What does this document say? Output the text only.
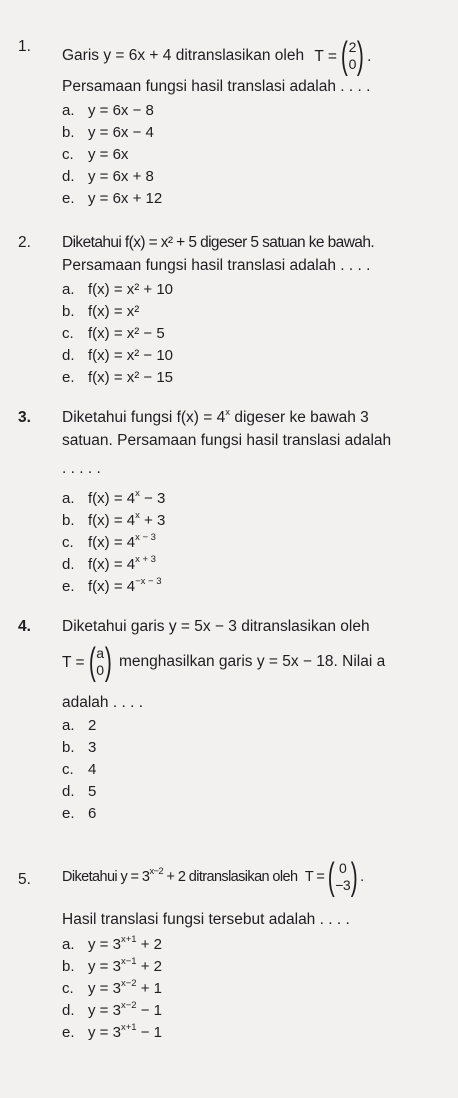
1.
Garis y = 6x + 4 ditranslasikan oleh T = ( 2
0 ) .
Persamaan fungsi hasil translasi adalah . . . .
a. y = 6x − 8
b. y = 6x − 4
c. y = 6x
d. y = 6x + 8
e. y = 6x + 12
2. Diketahui f(x) = x² + 5 digeser 5 satuan ke bawah.
Persamaan fungsi hasil translasi adalah . . . .
a. f(x) = x² + 10
b. f(x) = x²
c. f(x) = x² − 5
d. f(x) = x² − 10
e. f(x) = x² − 15
3. Diketahui fungsi $f(x) = 4^x$ digeser ke bawah 3
satuan. Persamaan fungsi hasil translasi adalah
. . . . .
a. $f(x) = 4^x - 3$
b. $f(x) = 4^x + 3$
c. $f(x) = 4^{x - 3}$
d. $f(x) = 4^{x + 3}$
e. $f(x) = 4^{-x - 3}$
4. Diketahui garis y = 5x − 3 ditranslasikan oleh
T = ( a
0 ) menghasilkan garis y = 5x − 18. Nilai a
adalah . . . .
a. 2
b. 3
c. 4
d. 5
e. 6
5. Diketahui $y = 3^{x-2} + 2$ ditranslasikan oleh T = ( 0
−3 ) .
Hasil translasi fungsi tersebut adalah . . . .
a. $y = 3^{x+1} + 2$
b. $y = 3^{x-1} + 2$
c. $y = 3^{x-2} + 1$
d. $y = 3^{x-2} - 1$
e. $y = 3^{x+1} - 1$
